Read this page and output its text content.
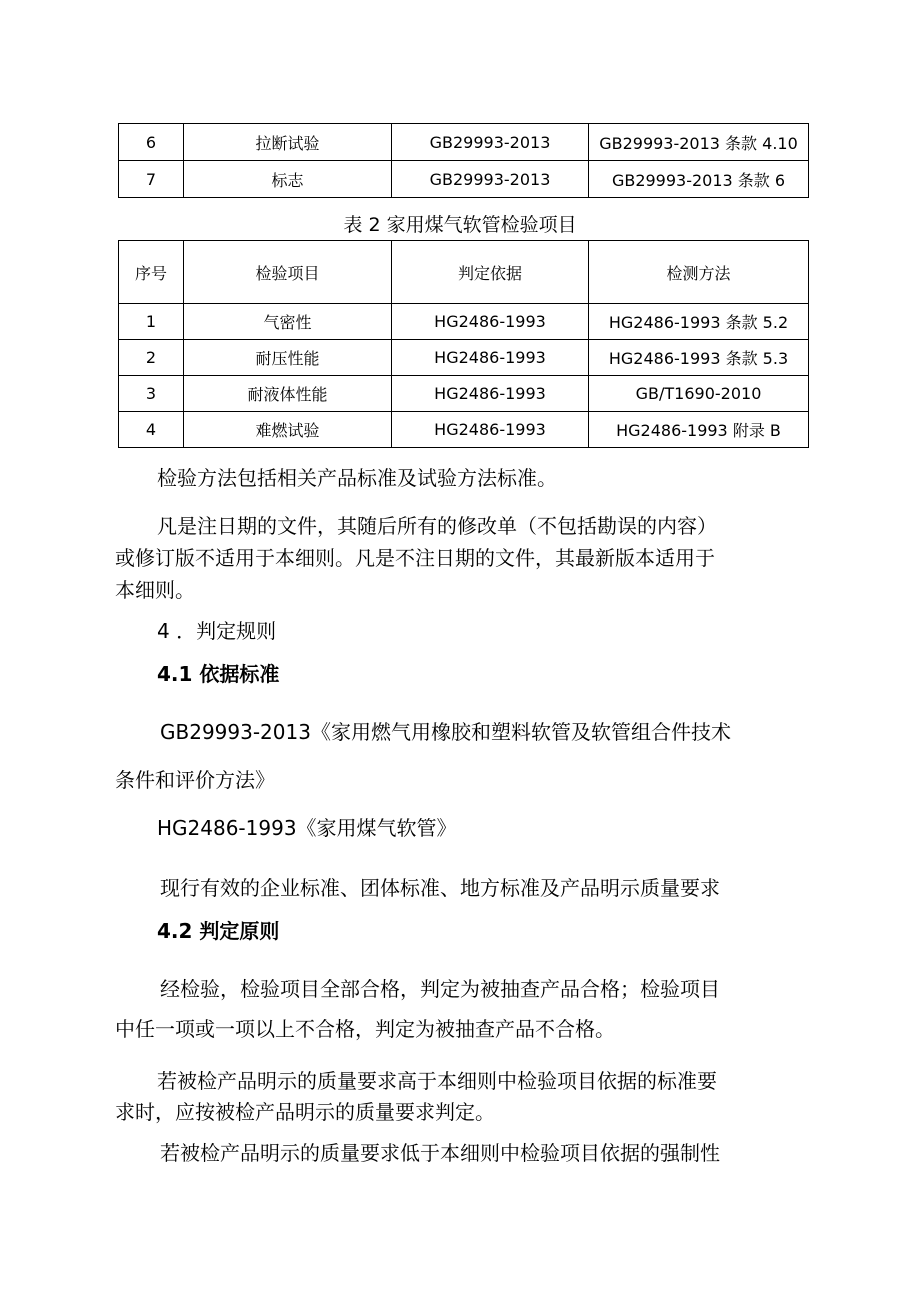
6	拉断试验	GB29993-2013	GB29993-2013 条款 4.10
7	标志	GB29993-2013	GB29993-2013 条款 6
表 2 家用煤气软管检验项目
序号	检验项目	判定依据	检测方法
1	气密性	HG2486-1993	HG2486-1993 条款 5.2
2	耐压性能	HG2486-1993	HG2486-1993 条款 5.3
3	耐液体性能	HG2486-1993	GB/T1690-2010
4	难燃试验	HG2486-1993	HG2486-1993 附录 B

检验方法包括相关产品标准及试验方法标准。

凡是注日期的文件，其随后所有的修改单（不包括勘误的内容）

或修订版不适用于本细则。凡是不注日期的文件，其最新版本适用于

本细则。

4 ．判定规则

4.1 依据标准

GB29993-2013《家用燃气用橡胶和塑料软管及软管组合件技术

条件和评价方法》

HG2486-1993《家用煤气软管》

现行有效的企业标准、团体标准、地方标准及产品明示质量要求

4.2 判定原则

经检验，检验项目全部合格，判定为被抽查产品合格；检验项目

中任一项或一项以上不合格，判定为被抽查产品不合格。

若被检产品明示的质量要求高于本细则中检验项目依据的标准要

求时，应按被检产品明示的质量要求判定。

若被检产品明示的质量要求低于本细则中检验项目依据的强制性
